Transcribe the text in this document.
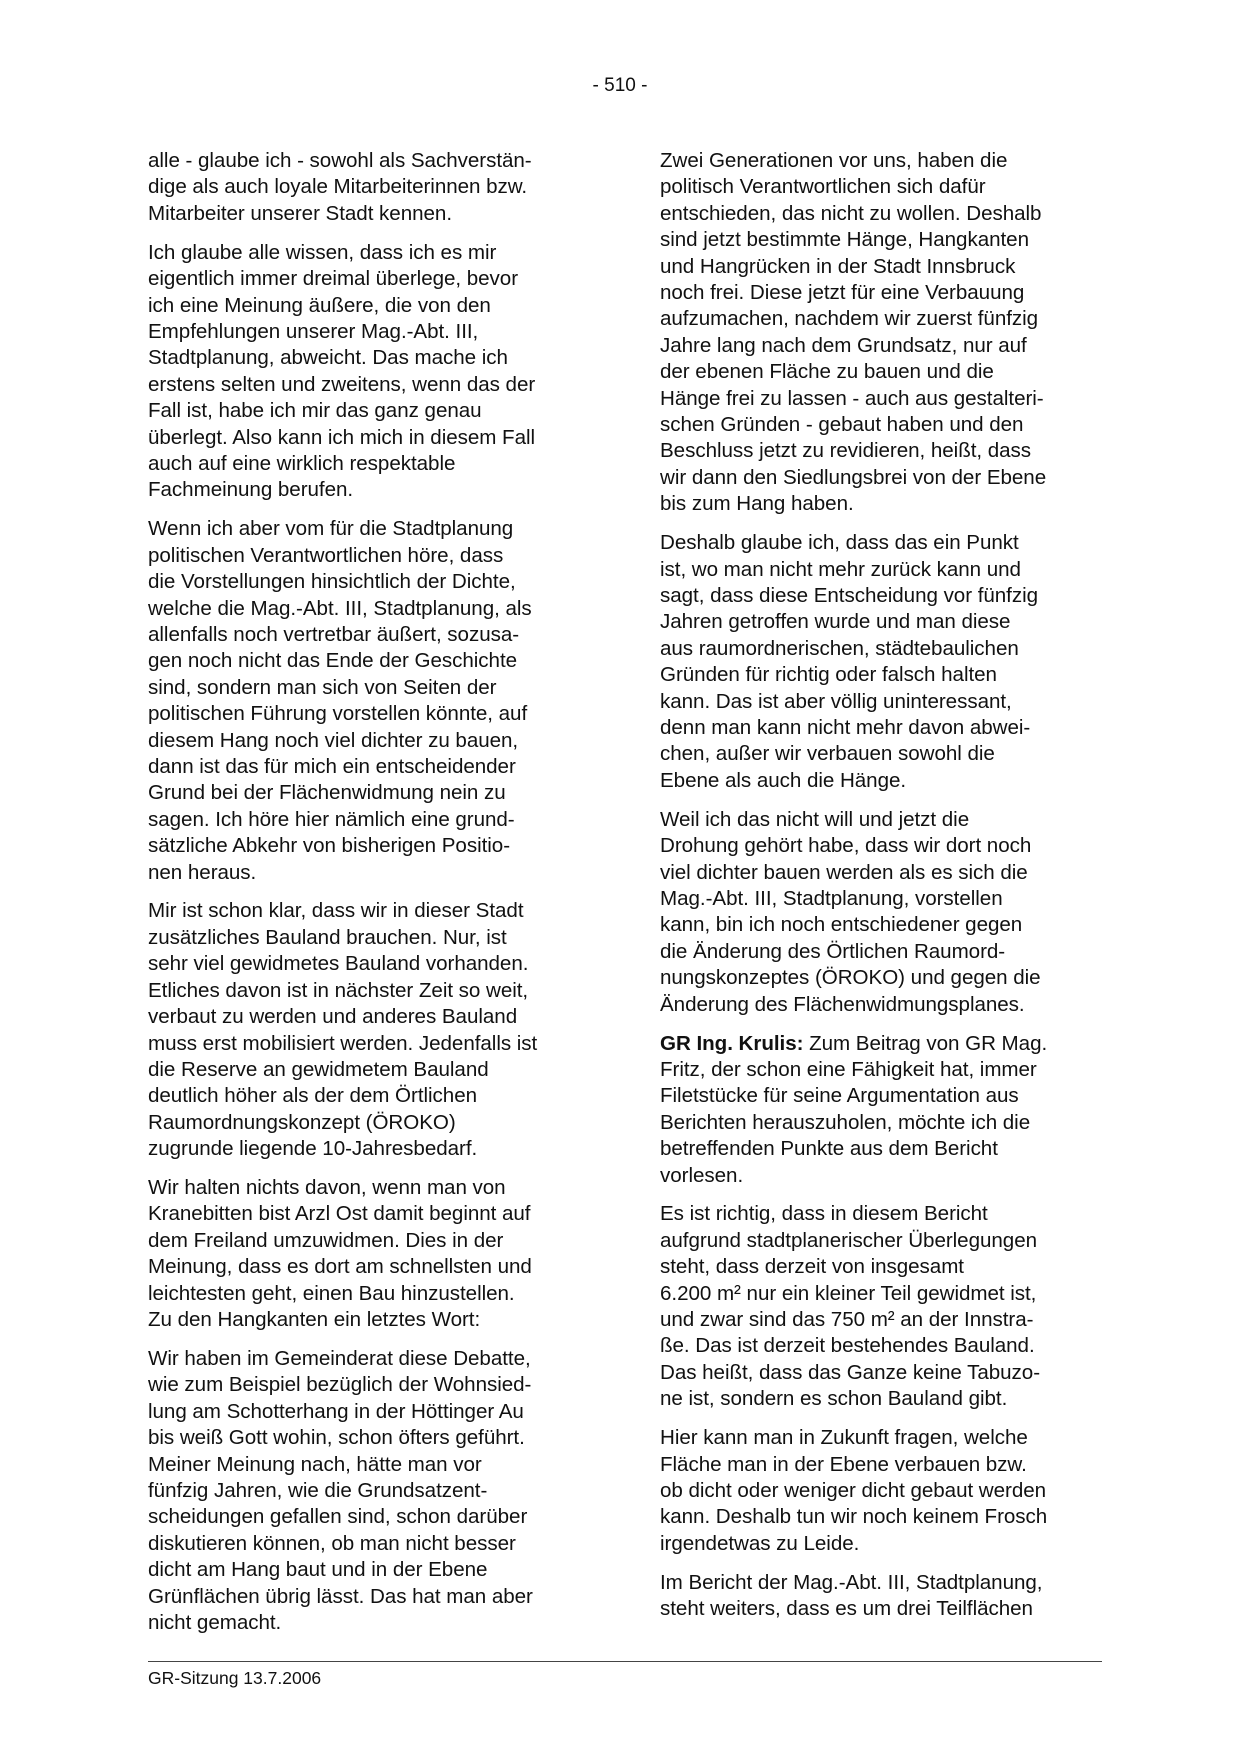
- 510 -

alle - glaube ich - sowohl als Sachverstän-
dige als auch loyale Mitarbeiterinnen bzw.
Mitarbeiter unserer Stadt kennen.

Ich glaube alle wissen, dass ich es mir
eigentlich immer dreimal überlege, bevor
ich eine Meinung äußere, die von den
Empfehlungen unserer Mag.-Abt. III,
Stadtplanung, abweicht. Das mache ich
erstens selten und zweitens, wenn das der
Fall ist, habe ich mir das ganz genau
überlegt. Also kann ich mich in diesem Fall
auch auf eine wirklich respektable
Fachmeinung berufen.

Wenn ich aber vom für die Stadtplanung
politischen Verantwortlichen höre, dass
die Vorstellungen hinsichtlich der Dichte,
welche die Mag.-Abt. III, Stadtplanung, als
allenfalls noch vertretbar äußert, sozusa-
gen noch nicht das Ende der Geschichte
sind, sondern man sich von Seiten der
politischen Führung vorstellen könnte, auf
diesem Hang noch viel dichter zu bauen,
dann ist das für mich ein entscheidender
Grund bei der Flächenwidmung nein zu
sagen. Ich höre hier nämlich eine grund-
sätzliche Abkehr von bisherigen Positio-
nen heraus.

Mir ist schon klar, dass wir in dieser Stadt
zusätzliches Bauland brauchen. Nur, ist
sehr viel gewidmetes Bauland vorhanden.
Etliches davon ist in nächster Zeit so weit,
verbaut zu werden und anderes Bauland
muss erst mobilisiert werden. Jedenfalls ist
die Reserve an gewidmetem Bauland
deutlich höher als der dem Örtlichen
Raumordnungskonzept (ÖROKO)
zugrunde liegende 10-Jahresbedarf.

Wir halten nichts davon, wenn man von
Kranebitten bist Arzl Ost damit beginnt auf
dem Freiland umzuwidmen. Dies in der
Meinung, dass es dort am schnellsten und
leichtesten geht, einen Bau hinzustellen.
Zu den Hangkanten ein letztes Wort:

Wir haben im Gemeinderat diese Debatte,
wie zum Beispiel bezüglich der Wohnsied-
lung am Schotterhang in der Höttinger Au
bis weiß Gott wohin, schon öfters geführt.
Meiner Meinung nach, hätte man vor
fünfzig Jahren, wie die Grundsatzent-
scheidungen gefallen sind, schon darüber
diskutieren können, ob man nicht besser
dicht am Hang baut und in der Ebene
Grünflächen übrig lässt. Das hat man aber
nicht gemacht.

Zwei Generationen vor uns, haben die
politisch Verantwortlichen sich dafür
entschieden, das nicht zu wollen. Deshalb
sind jetzt bestimmte Hänge, Hangkanten
und Hangrücken in der Stadt Innsbruck
noch frei. Diese jetzt für eine Verbauung
aufzumachen, nachdem wir zuerst fünfzig
Jahre lang nach dem Grundsatz, nur auf
der ebenen Fläche zu bauen und die
Hänge frei zu lassen - auch aus gestalteri-
schen Gründen - gebaut haben und den
Beschluss jetzt zu revidieren, heißt, dass
wir dann den Siedlungsbrei von der Ebene
bis zum Hang haben.

Deshalb glaube ich, dass das ein Punkt
ist, wo man nicht mehr zurück kann und
sagt, dass diese Entscheidung vor fünfzig
Jahren getroffen wurde und man diese
aus raumordnerischen, städtebaulichen
Gründen für richtig oder falsch halten
kann. Das ist aber völlig uninteressant,
denn man kann nicht mehr davon abwei-
chen, außer wir verbauen sowohl die
Ebene als auch die Hänge.

Weil ich das nicht will und jetzt die
Drohung gehört habe, dass wir dort noch
viel dichter bauen werden als es sich die
Mag.-Abt. III, Stadtplanung, vorstellen
kann, bin ich noch entschiedener gegen
die Änderung des Örtlichen Raumord-
nungskonzeptes (ÖROKO) und gegen die
Änderung des Flächenwidmungsplanes.

GR Ing. Krulis: Zum Beitrag von GR Mag.
Fritz, der schon eine Fähigkeit hat, immer
Filetstücke für seine Argumentation aus
Berichten herauszuholen, möchte ich die
betreffenden Punkte aus dem Bericht
vorlesen.

Es ist richtig, dass in diesem Bericht
aufgrund stadtplanerischer Überlegungen
steht, dass derzeit von insgesamt
6.200 m² nur ein kleiner Teil gewidmet ist,
und zwar sind das 750 m² an der Innstra-
ße. Das ist derzeit bestehendes Bauland.
Das heißt, dass das Ganze keine Tabuzo-
ne ist, sondern es schon Bauland gibt.

Hier kann man in Zukunft fragen, welche
Fläche man in der Ebene verbauen bzw.
ob dicht oder weniger dicht gebaut werden
kann. Deshalb tun wir noch keinem Frosch
irgendetwas zu Leide.

Im Bericht der Mag.-Abt. III, Stadtplanung,
steht weiters, dass es um drei Teilflächen

GR-Sitzung 13.7.2006
